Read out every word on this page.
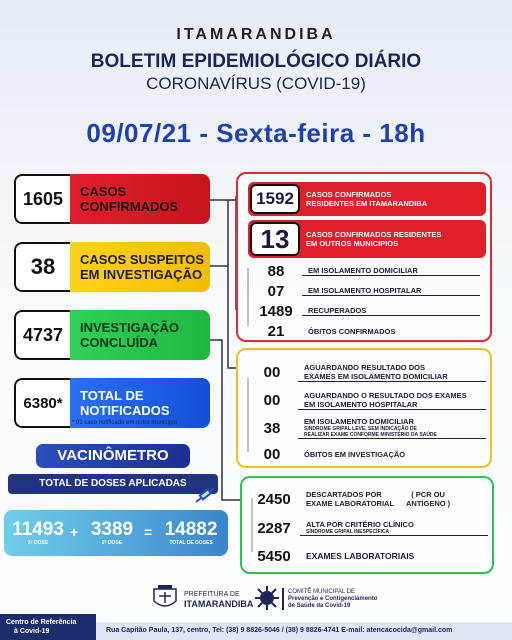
ITAMARANDIBA
BOLETIM EPIDEMIOLÓGICO DIÁRIO
CORONAVÍRUS (COVID-19)
09/07/21 - Sexta-feira - 18h
1605	CASOS
CONFIRMADOS
38	CASOS SUSPEITOS
EM INVESTIGAÇÃO
4737	INVESTIGAÇÃO
CONCLUÍDA
6380*	TOTAL DE
NOTIFICADOS
* 01 caso notificado em outro município
1592	CASOS CONFIRMADOS
RESIDENTES EM ITAMARANDIBA
13	CASOS CONFIRMADOS RESIDENTES
EM OUTROS MUNICIPIOS
88	EM ISOLAMENTO DOMICILIAR
07	EM ISOLAMENTO HOSPITALAR
1489	RECUPERADOS
21	ÓBITOS CONFIRMADOS
00	AGUARDANDO RESULTADO DOS
EXAMES EM ISOLAMENTO DOMICILIAR
00	AGUARDANDO O RESULTADO DOS EXAMES
EM ISOLAMENTO HOSPITALAR
38	EM ISOLAMENTO DOMICILIAR
SINDROME GRIPAL LEVE, SEM INDICAÇÃO DE
REALIZAR EXAME CONFORME MINISTÉRIO DA SAÚDE
00	ÓBITOS EM INVESTIGAÇÃO
2450	DESCARTADOS POR
EXAME LABORATORIAL
( PCR OU
ANTÍGENO )
2287	ALTA POR CRITÉRIO CLÍNICO
SÍNDROME GRIPAL INESPECÍFICA
5450	EXAMES LABORATORIAIS
VACINÔMETRO
TOTAL DE DOSES APLICADAS
11493
1ª DOSE
+ 3389
2ª DOSE
= 14882
TOTAL DE DOSES
PREFEITURA DE
ITAMARANDIBA
COMITÊ MUNICIPAL DE
Prevenção e Contigenciamento
de Saúde da Covid-19
Centro de Referência
à Covid-19	Rua Capitão Paula, 137, centro, Tel: (38) 9 8826-5046 / (38) 9 8826-4741 E-mail: atencacocida@gmail.com
